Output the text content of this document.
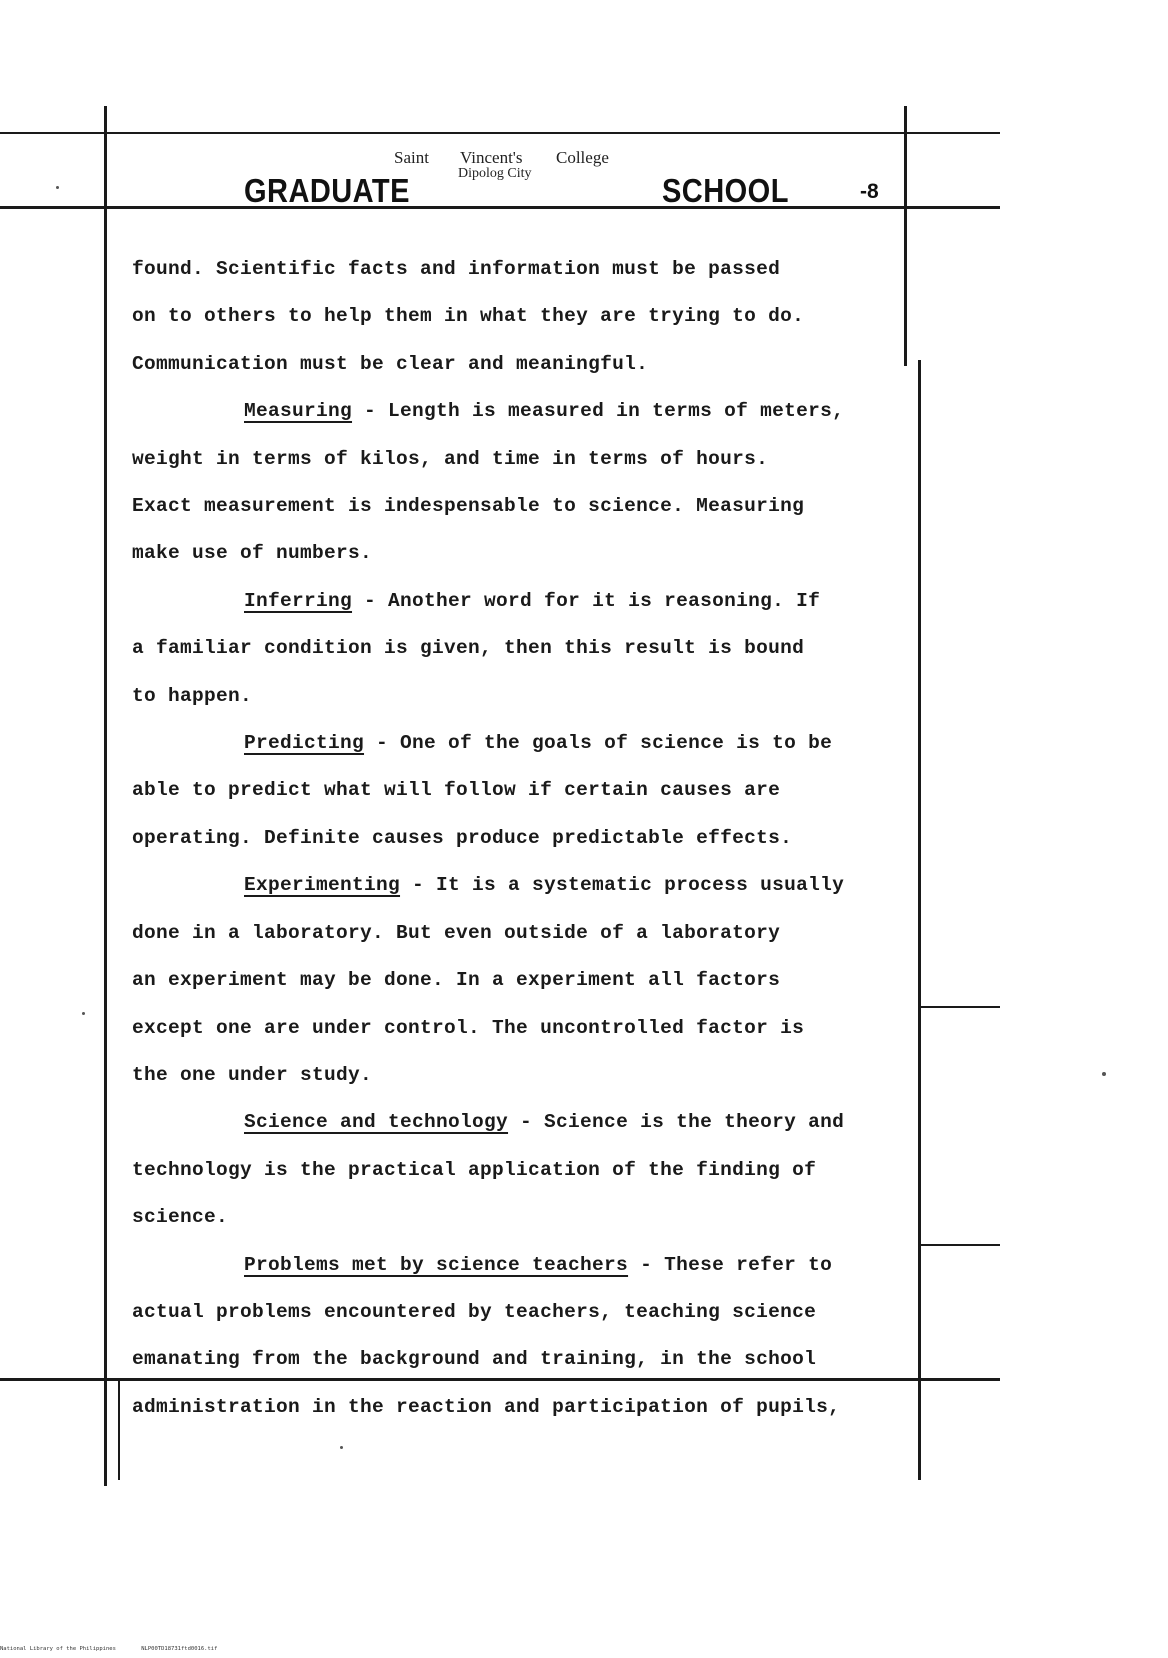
GRADUATE
Saint Vincent's College
Dipolog City	SCHOOL	-8

found. Scientific facts and information must be passed

on to others to help them in what they are trying to do.

Communication must be clear and meaningful.

Measuring - Length is measured in terms of meters,

weight in terms of kilos, and time in terms of hours.

Exact measurement is indespensable to science. Measuring

make use of numbers.

Inferring - Another word for it is reasoning. If

a familiar condition is given, then this result is bound

to happen.

Predicting - One of the goals of science is to be

able to predict what will follow if certain causes are

operating. Definite causes produce predictable effects.

Experimenting - It is a systematic process usually

done in a laboratory. But even outside of a laboratory

an experiment may be done. In a experiment all factors

except one are under control. The uncontrolled factor is

the one under study.

Science and technology - Science is the theory and

technology is the practical application of the finding of

science.

Problems met by science teachers - These refer to

actual problems encountered by teachers, teaching science

emanating from the background and training, in the school

administration in the reaction and participation of pupils,

National Library of the Philippines	NLP00TD18731ftd0016.tif
